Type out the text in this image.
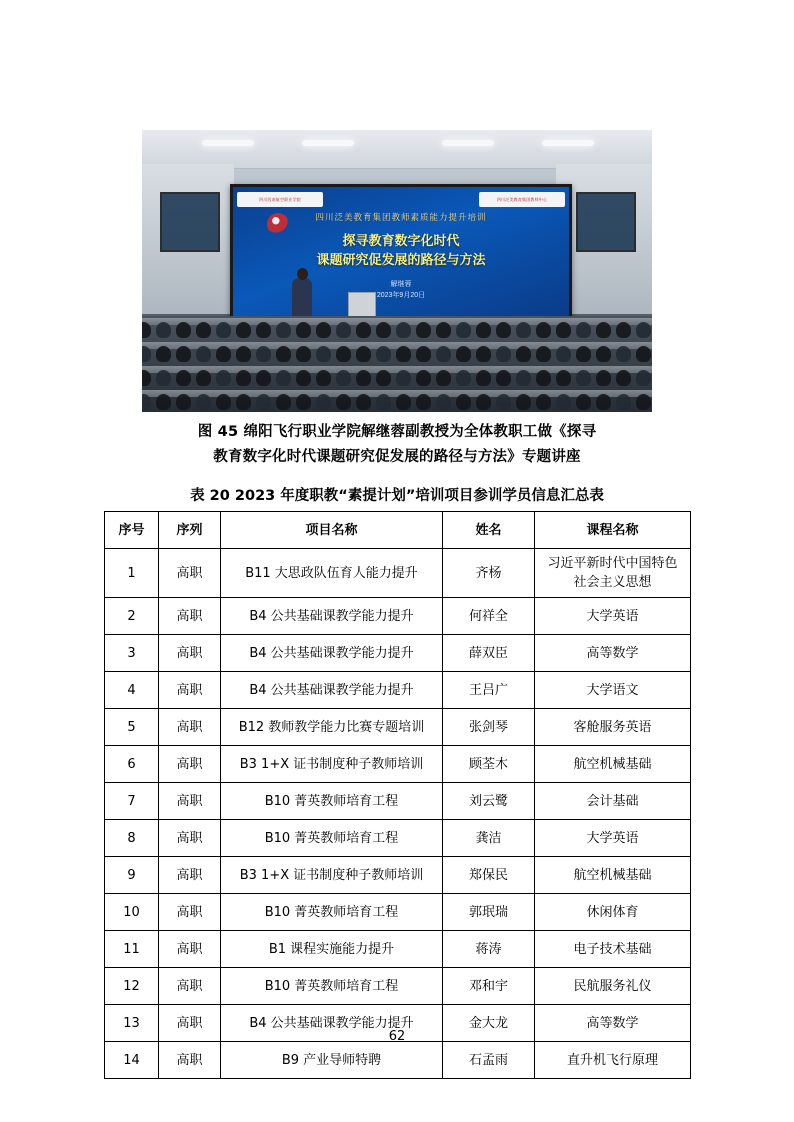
四川西南航空职业学院	四川泛美教育集团教师中心
四川泛美教育集团教师素质能力提升培训
探寻教育数字化时代
课题研究促发展的路径与方法
解继蓉
2023年9月20日
图 45 绵阳飞行职业学院解继蓉副教授为全体教职工做《探寻
教育数字化时代课题研究促发展的路径与方法》专题讲座
表 20 2023 年度职教“素提计划”培训项目参训学员信息汇总表
序号	序列	项目名称	姓名	课程名称
1	高职	B11 大思政队伍育人能力提升	齐杨	习近平新时代中国特色
社会主义思想

2	高职	B4 公共基础课教学能力提升	何祥全	大学英语
3	高职	B4 公共基础课教学能力提升	薛双臣	高等数学
4	高职	B4 公共基础课教学能力提升	王吕广	大学语文
5	高职	B12 教师教学能力比赛专题培训	张剑琴	客舱服务英语
6	高职	B3 1+X 证书制度种子教师培训	顾荃木	航空机械基础
7	高职	B10 菁英教师培育工程	刘云鹭	会计基础
8	高职	B10 菁英教师培育工程	龚洁	大学英语
9	高职	B3 1+X 证书制度种子教师培训	郑保民	航空机械基础
10	高职	B10 菁英教师培育工程	郭珉瑞	休闲体育
11	高职	B1 课程实施能力提升	蒋涛	电子技术基础
12	高职	B10 菁英教师培育工程	邓和宇	民航服务礼仪
13	高职	B4 公共基础课教学能力提升	金大龙	高等数学
14	高职	B9 产业导师特聘	石孟雨	直升机飞行原理
62
